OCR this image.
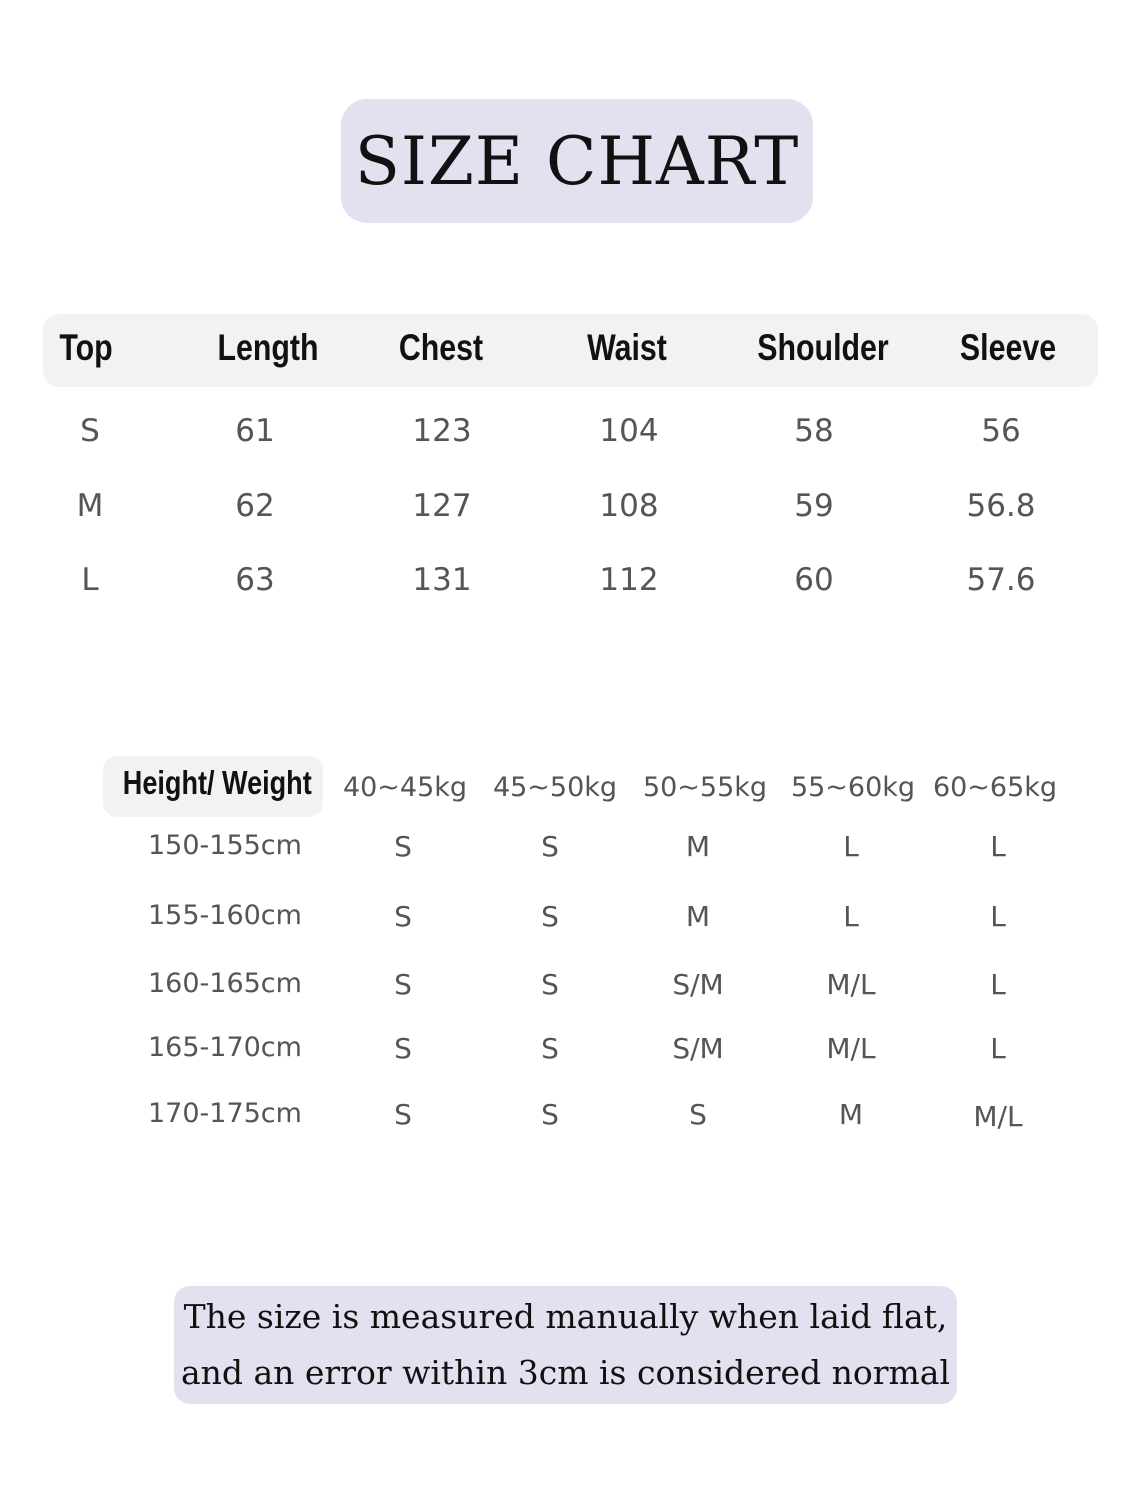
SIZE CHART
Top	Length	Chest	Waist	Shoulder	Sleeve
S	61	123	104	58	56
M	62	127	108	59	56.8
L	63	131	112	60	57.6
Height/ Weight	40~45kg 45~50kg 50~55kg 55~60kg 60~65kg
150-155cm	S	S	M	L	L
155-160cm	S	S	M	L	L
160-165cm	S	S	S/M	M/L	L
165-170cm	S	S	S/M	M/L	L
170-175cm	S	S	S	M	M/L
The size is measured manually when laid flat,
and an error within 3cm is considered normal
